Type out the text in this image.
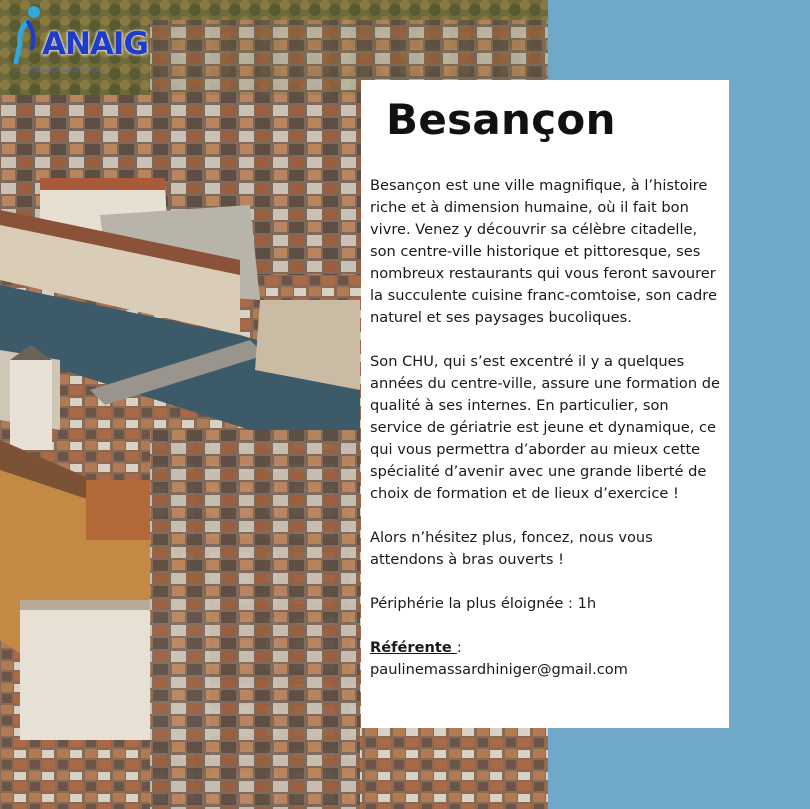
ANAIG
Association Nationale des Internes en Gériatrie
Besançon

Besançon est une ville magnifique, à l’histoire riche et à dimension humaine, où il fait bon vivre. Venez y découvrir sa célèbre citadelle, son centre-ville historique et pittoresque, ses nombreux restaurants qui vous feront savourer la succulente cuisine franc-comtoise, son cadre naturel et ses paysages bucoliques.

Son CHU, qui s’est excentré il y a quelques années du centre-ville, assure une formation de qualité à ses internes. En particulier, son service de gériatrie est jeune et dynamique, ce qui vous permettra d’aborder au mieux cette spécialité d’avenir avec une grande liberté de choix de formation et de lieux d’exercice !

Alors n’hésitez plus, foncez, nous vous attendons à bras ouverts !

Périphérie la plus éloignée : 1h

Référente :
paulinemassardhiniger@gmail.com
